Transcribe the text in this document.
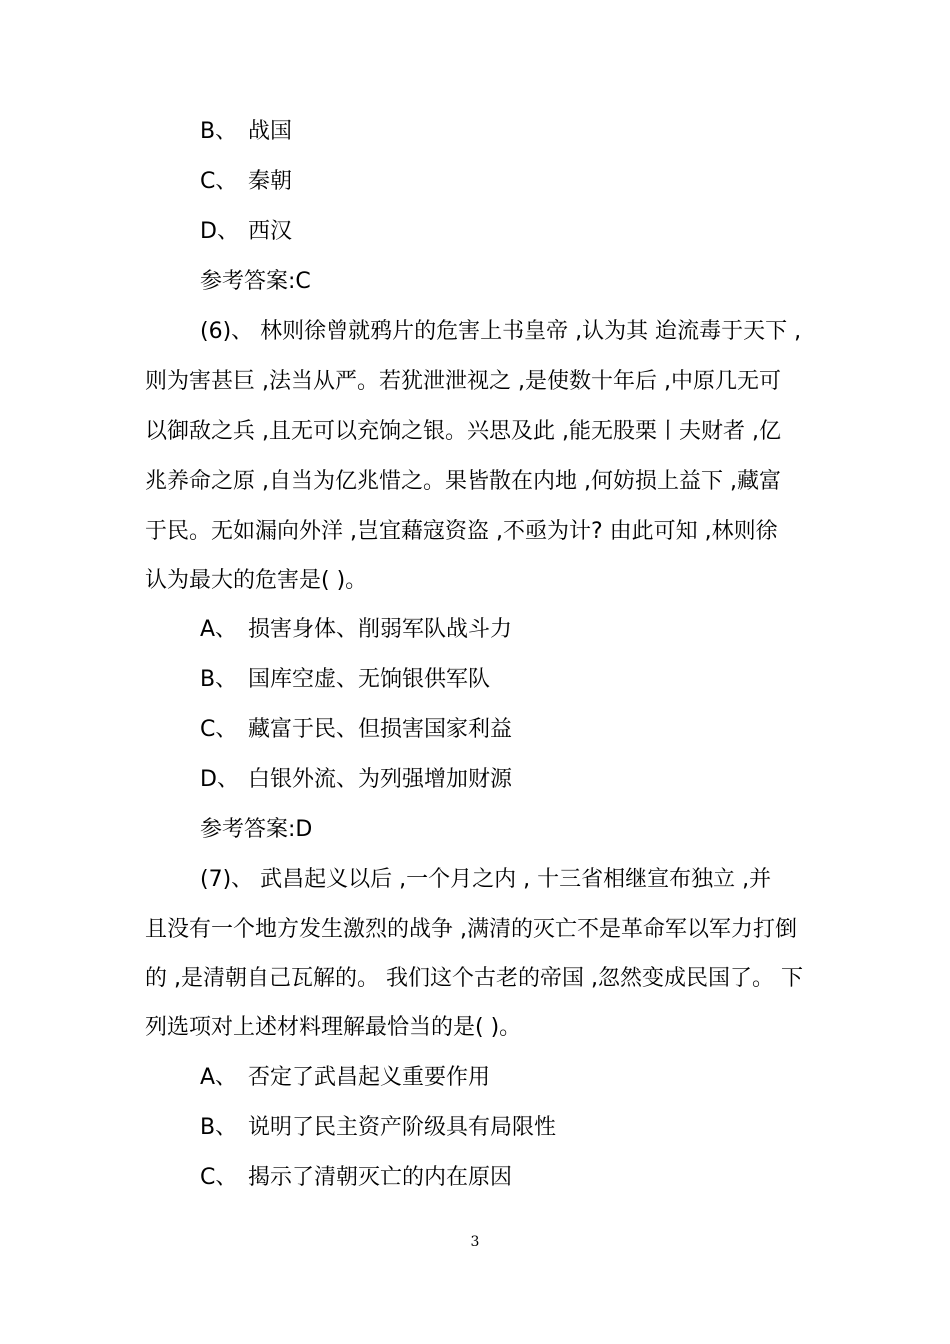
B、 战国
C、 秦朝
D、 西汉
参考答案:C
(6)、 林则徐曾就鸦片的危害上书皇帝 ,认为其 迨流毒于天下 ,
则为害甚巨 ,法当从严。若犹泄泄视之 ,是使数十年后 ,中原几无可
以御敌之兵 ,且无可以充饷之银。兴思及此 ,能无股栗丨夫财者 ,亿
兆养命之原 ,自当为亿兆惜之。果皆散在内地 ,何妨损上益下 ,藏富
于民。无如漏向外洋 ,岂宜藉寇资盗 ,不亟为计? 由此可知 ,林则徐
认为最大的危害是( )。
A、 损害身体、削弱军队战斗力
B、 国库空虚、无饷银供军队
C、 藏富于民、但损害国家利益
D、 白银外流、为列强增加财源
参考答案:D
(7)、 武昌起义以后 ,一个月之内 , 十三省相继宣布独立 ,并
且没有一个地方发生激烈的战争 ,满清的灭亡不是革命军以军力打倒
的 ,是清朝自己瓦解的。 我们这个古老的帝国 ,忽然变成民国了。 下
列选项对上述材料理解最恰当的是( )。
A、 否定了武昌起义重要作用
B、 说明了民主资产阶级具有局限性
C、 揭示了清朝灭亡的内在原因
3
